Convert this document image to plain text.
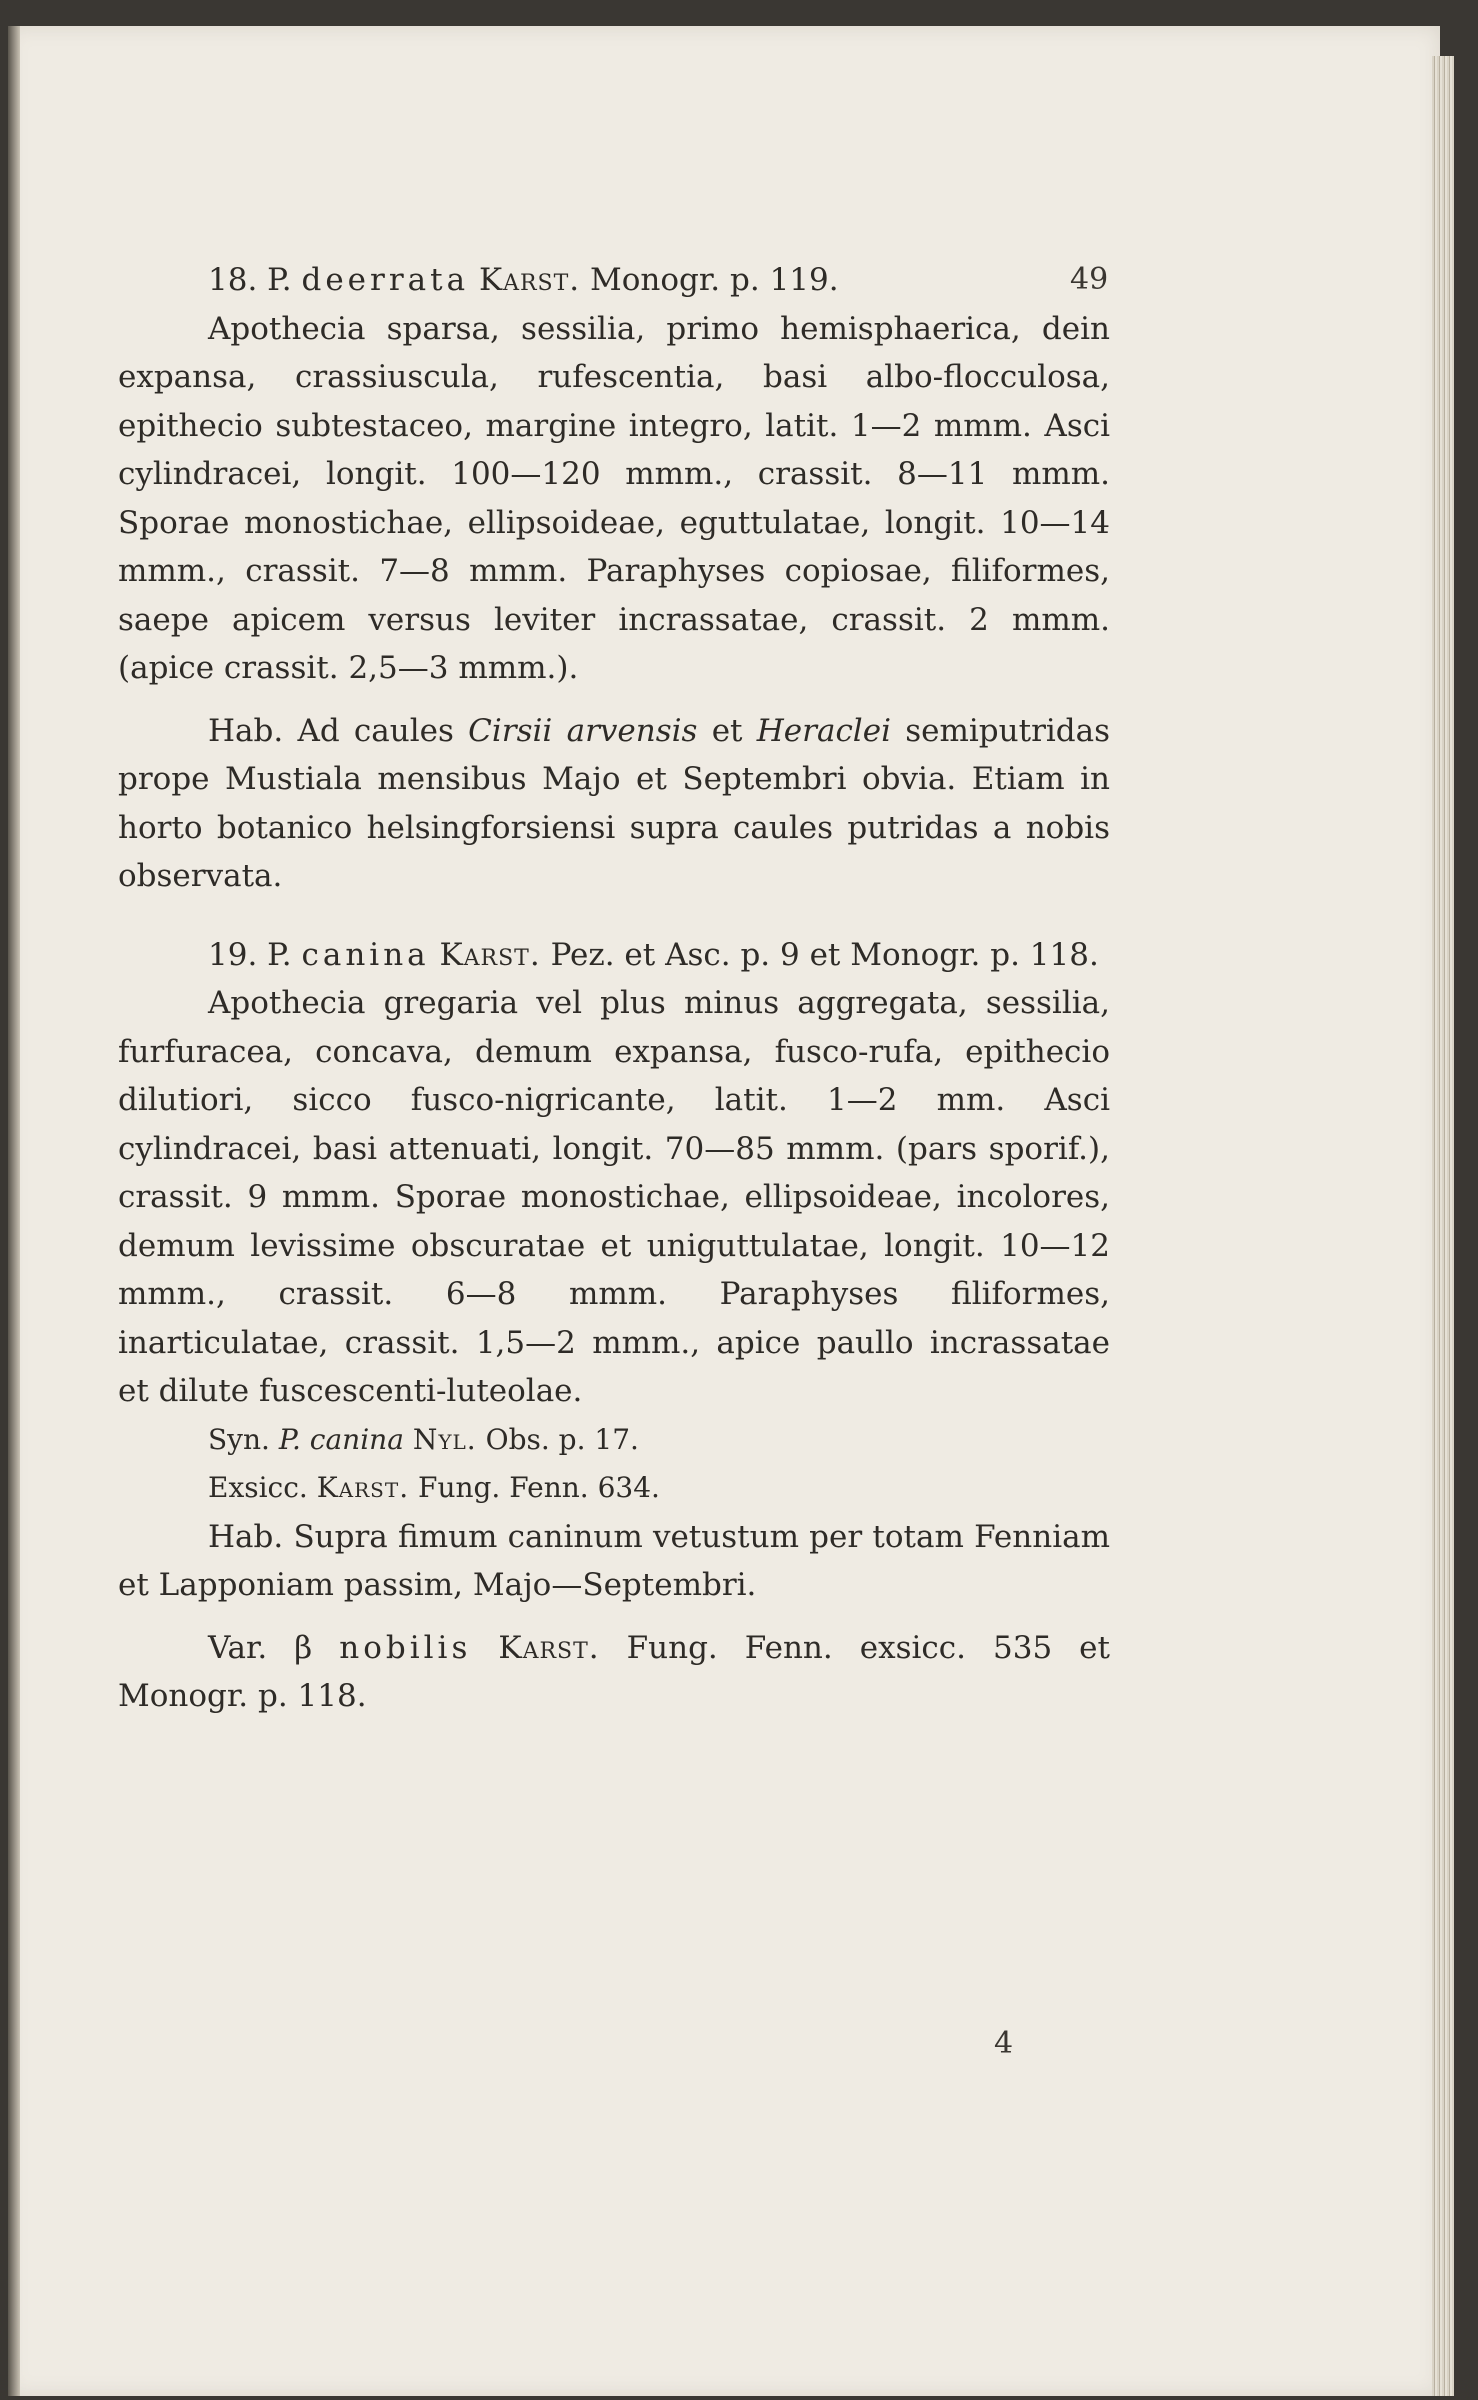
49

18. P. deerrata Karst. Monogr. p. 119.

Apothecia sparsa, sessilia, primo hemisphaerica, dein expansa, crassiuscula, rufescentia, basi albo-flocculosa, epithecio subtestaceo, margine integro, latit. 1—2 mmm. Asci cylindracei, longit. 100—120 mmm., crassit. 8—11 mmm. Sporae monostichae, ellipsoideae, eguttulatae, longit. 10—14 mmm., crassit. 7—8 mmm. Paraphyses copiosae, filiformes, saepe apicem versus leviter incrassatae, crassit. 2 mmm. (apice crassit. 2,5—3 mmm.).

Hab. Ad caules Cirsii arvensis et Heraclei semiputridas prope Mustiala mensibus Majo et Septembri obvia. Etiam in horto botanico helsingforsiensi supra caules putridas a nobis observata.

19. P. canina Karst. Pez. et Asc. p. 9 et Monogr. p. 118.

Apothecia gregaria vel plus minus aggregata, sessilia, furfuracea, concava, demum expansa, fusco-rufa, epithecio dilutiori, sicco fusco-nigricante, latit. 1—2 mm. Asci cylindracei, basi attenuati, longit. 70—85 mmm. (pars sporif.), crassit. 9 mmm. Sporae monostichae, ellipsoideae, incolores, demum levissime obscuratae et uniguttulatae, longit. 10—12 mmm., crassit. 6—8 mmm. Paraphyses filiformes, inarticulatae, crassit. 1,5—2 mmm., apice paullo incrassatae et dilute fuscescenti-luteolae.

Syn. P. canina Nyl. Obs. p. 17.

Exsicc. Karst. Fung. Fenn. 634.

Hab. Supra fimum caninum vetustum per totam Fenniam et Lapponiam passim, Majo—Septembri.

Var. β nobilis Karst. Fung. Fenn. exsicc. 535 et Monogr. p. 118.

4
